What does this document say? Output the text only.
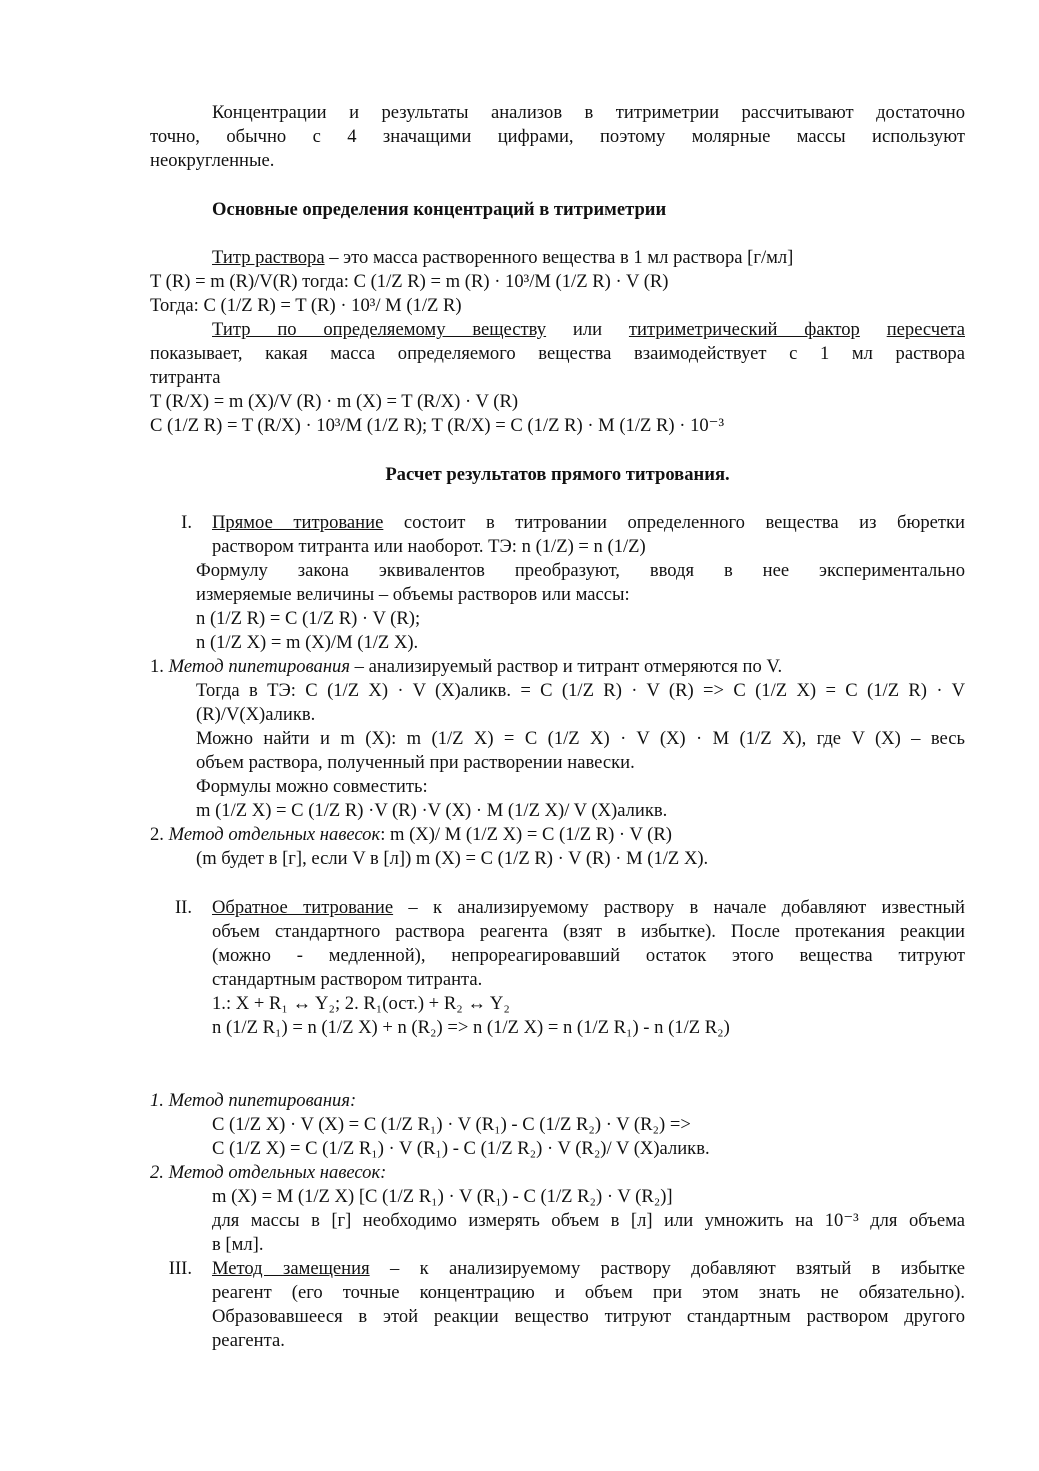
Концентрации и результаты анализов в титриметрии рассчитывают достаточно
точно, обычно с 4 значащими цифрами, поэтому молярные массы используют
неокругленные.
Основные определения концентраций в титриметрии
Титр раствора – это масса растворенного вещества в 1 мл раствора [г/мл]
T (R) = m (R)/V(R) тогда: C (1/Z R) = m (R) · 10³/M (1/Z R) · V (R)
Тогда: C (1/Z R) = T (R) · 10³/ M (1/Z R)
Титр по определяемому веществу или титриметрический фактор пересчета
показывает, какая масса определяемого вещества взаимодействует с 1 мл раствора
титранта
T (R/X) = m (X)/V (R) · m (X) = T (R/X) · V (R)
C (1/Z R) = T (R/X) · 10³/M (1/Z R); T (R/X) = C (1/Z R) · M (1/Z R) · 10⁻³
Расчет результатов прямого титрования.
I. Прямое титрование состоит в титровании определенного вещества из бюретки
раствором титранта или наоборот. ТЭ: n (1/Z) = n (1/Z)
Формулу закона эквивалентов преобразуют, вводя в нее экспериментально
измеряемые величины – объемы растворов или массы:
n (1/Z R) = C (1/Z R) · V (R);
n (1/Z X) = m (X)/M (1/Z X).
1. Метод пипетирования – анализируемый раствор и титрант отмеряются по V.
Тогда в ТЭ: C (1/Z X) · V (X)аликв. = C (1/Z R) · V (R) => C (1/Z X) = C (1/Z R) · V
(R)/V(X)аликв.
Можно найти и m (X): m (1/Z X) = C (1/Z X) · V (X) · M (1/Z X), где V (X) – весь
объем раствора, полученный при растворении навески.
Формулы можно совместить:
m (1/Z X) = C (1/Z R) ·V (R) ·V (X) · M (1/Z X)/ V (X)аликв.
2. Метод отдельных навесок: m (X)/ M (1/Z X) = C (1/Z R) · V (R)
(m будет в [г], если V в [л]) m (X) = C (1/Z R) · V (R) · M (1/Z X).
II. Обратное титрование – к анализируемому раствору в начале добавляют известный
объем стандартного раствора реагента (взят в избытке). После протекания реакции
(можно - медленной), непрореагировавший остаток этого вещества титруют
стандартным раствором титранта.
1.: X + R₁ ↔ Y₂; 2. R₁(ост.) + R₂ ↔ Y₂
n (1/Z R₁) = n (1/Z X) + n (R₂) => n (1/Z X) = n (1/Z R₁) - n (1/Z R₂)
1. Метод пипетирования:
C (1/Z X) · V (X) = C (1/Z R₁) · V (R₁) - C (1/Z R₂) · V (R₂) =>
C (1/Z X) = C (1/Z R₁) · V (R₁) - C (1/Z R₂) · V (R₂)/ V (X)аликв.
2. Метод отдельных навесок:
m (X) = M (1/Z X) [C (1/Z R₁) · V (R₁) - C (1/Z R₂) · V (R₂)]
для массы в [г] необходимо измерять объем в [л] или умножить на 10⁻³ для объема
в [мл].
III. Метод замещения – к анализируемому раствору добавляют взятый в избытке
реагент (его точные концентрацию и объем при этом знать не обязательно).
Образовавшееся в этой реакции вещество титруют стандартным раствором другого
реагента.
